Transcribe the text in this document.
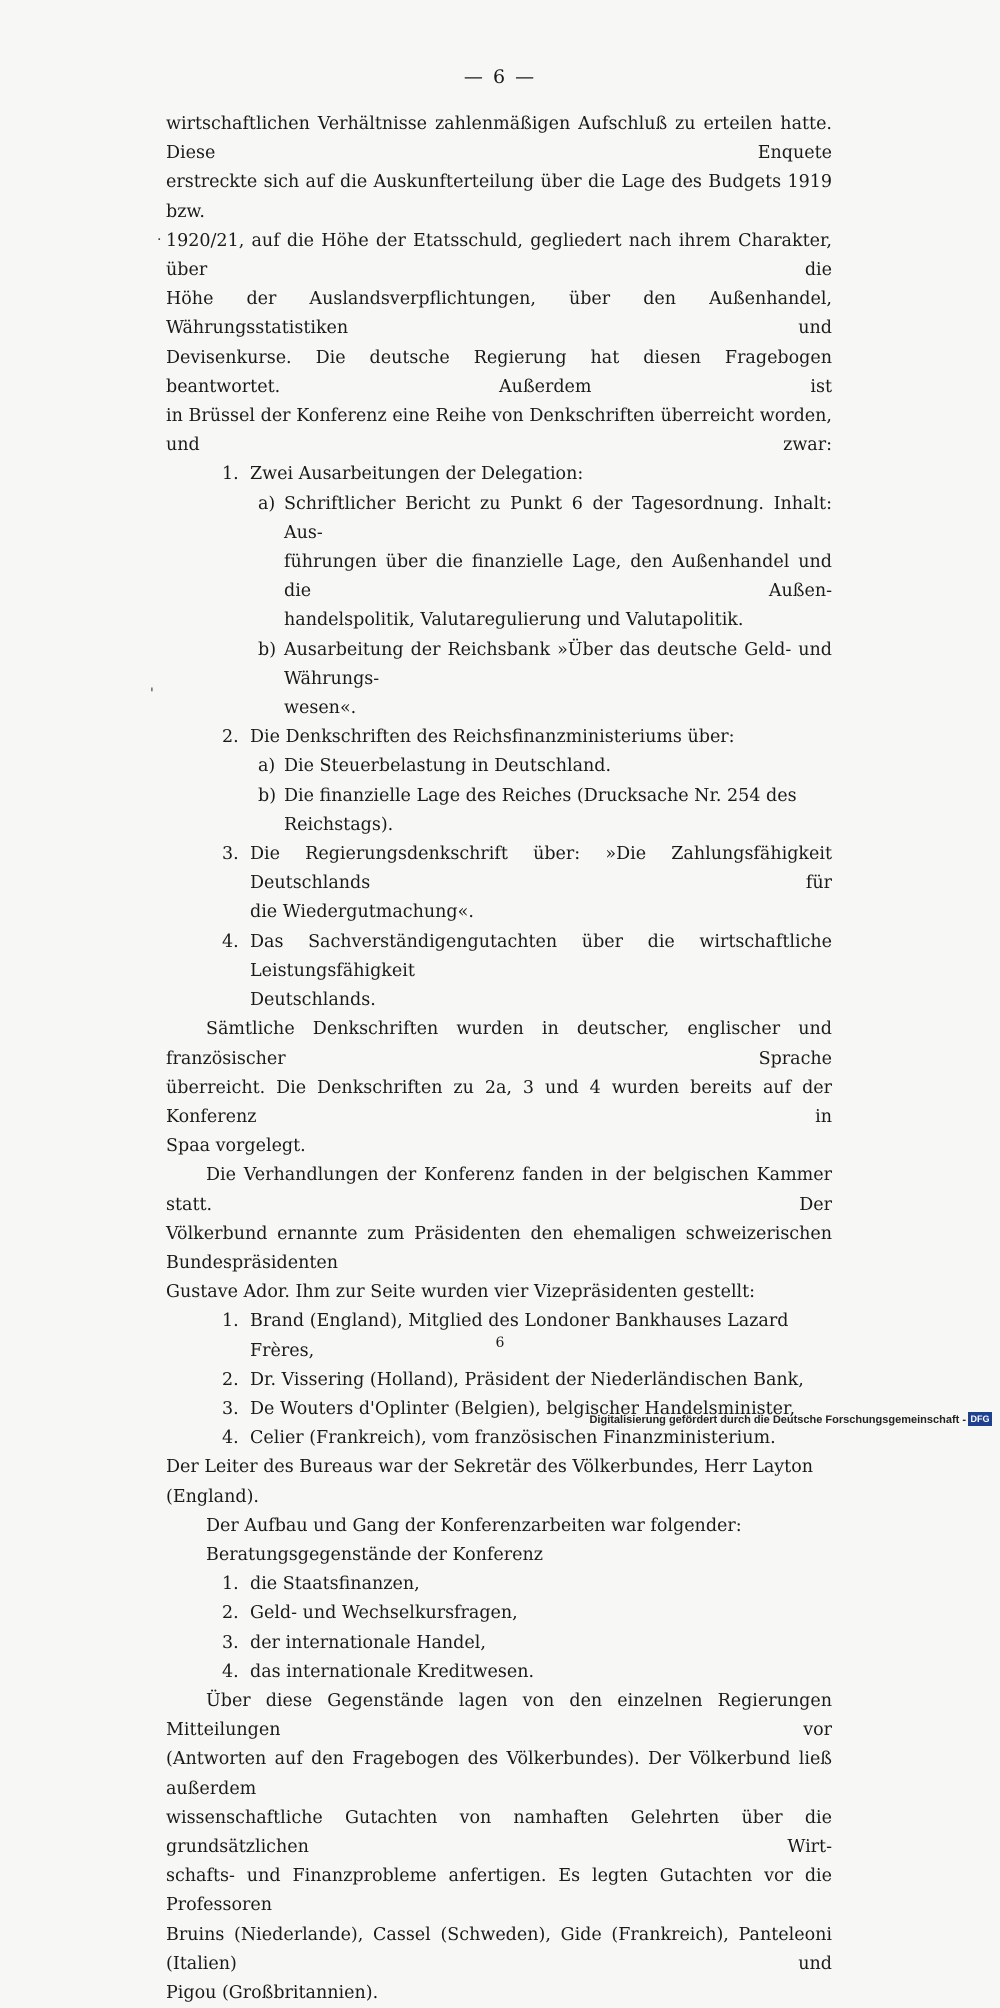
— 6 —
·
'

wirtschaftlichen Verhältnisse zahlenmäßigen Aufschluß zu erteilen hatte. Diese Enquete

erstreckte sich auf die Auskunfterteilung über die Lage des Budgets 1919 bzw.

1920/21, auf die Höhe der Etatsschuld, gegliedert nach ihrem Charakter, über die

Höhe der Auslandsverpflichtungen, über den Außenhandel, Währungsstatistiken und

Devisenkurse. Die deutsche Regierung hat diesen Fragebogen beantwortet. Außerdem ist

in Brüssel der Konferenz eine Reihe von Denkschriften überreicht worden, und zwar:

1. Zwei Ausarbeitungen der Delegation:
a) Schriftlicher Bericht zu Punkt 6 der Tagesordnung. Inhalt: Aus-

führungen über die finanzielle Lage, den Außenhandel und die Außen-

handelspolitik, Valutaregulierung und Valutapolitik.

b) Ausarbeitung der Reichsbank »Über das deutsche Geld- und Währungs-

wesen«.

2. Die Denkschriften des Reichsfinanzministeriums über:
a) Die Steuerbelastung in Deutschland.
b) Die finanzielle Lage des Reiches (Drucksache Nr. 254 des Reichstags).
3. Die Regierungsdenkschrift über: »Die Zahlungsfähigkeit Deutschlands für

die Wiedergutmachung«.

4. Das Sachverständigengutachten über die wirtschaftliche Leistungsfähigkeit

Deutschlands.

Sämtliche Denkschriften wurden in deutscher, englischer und französischer Sprache

überreicht. Die Denkschriften zu 2a, 3 und 4 wurden bereits auf der Konferenz in

Spaa vorgelegt.

Die Verhandlungen der Konferenz fanden in der belgischen Kammer statt. Der

Völkerbund ernannte zum Präsidenten den ehemaligen schweizerischen Bundespräsidenten

Gustave Ador. Ihm zur Seite wurden vier Vizepräsidenten gestellt:

1. Brand (England), Mitglied des Londoner Bankhauses Lazard Frères,
2. Dr. Vissering (Holland), Präsident der Niederländischen Bank,
3. De Wouters d'Oplinter (Belgien), belgischer Handelsminister,
4. Celier (Frankreich), vom französischen Finanzministerium.

Der Leiter des Bureaus war der Sekretär des Völkerbundes, Herr Layton (England).

Der Aufbau und Gang der Konferenzarbeiten war folgender:

Beratungsgegenstände der Konferenz

1. die Staatsfinanzen,
2. Geld- und Wechselkursfragen,
3. der internationale Handel,
4. das internationale Kreditwesen.

Über diese Gegenstände lagen von den einzelnen Regierungen Mitteilungen vor

(Antworten auf den Fragebogen des Völkerbundes). Der Völkerbund ließ außerdem

wissenschaftliche Gutachten von namhaften Gelehrten über die grundsätzlichen Wirt-

schafts- und Finanzprobleme anfertigen. Es legten Gutachten vor die Professoren

Bruins (Niederlande), Cassel (Schweden), Gide (Frankreich), Panteleoni (Italien) und

Pigou (Großbritannien).

6
Digitalisierung gefördert durch die Deutsche Forschungsgemeinschaft - DFG
